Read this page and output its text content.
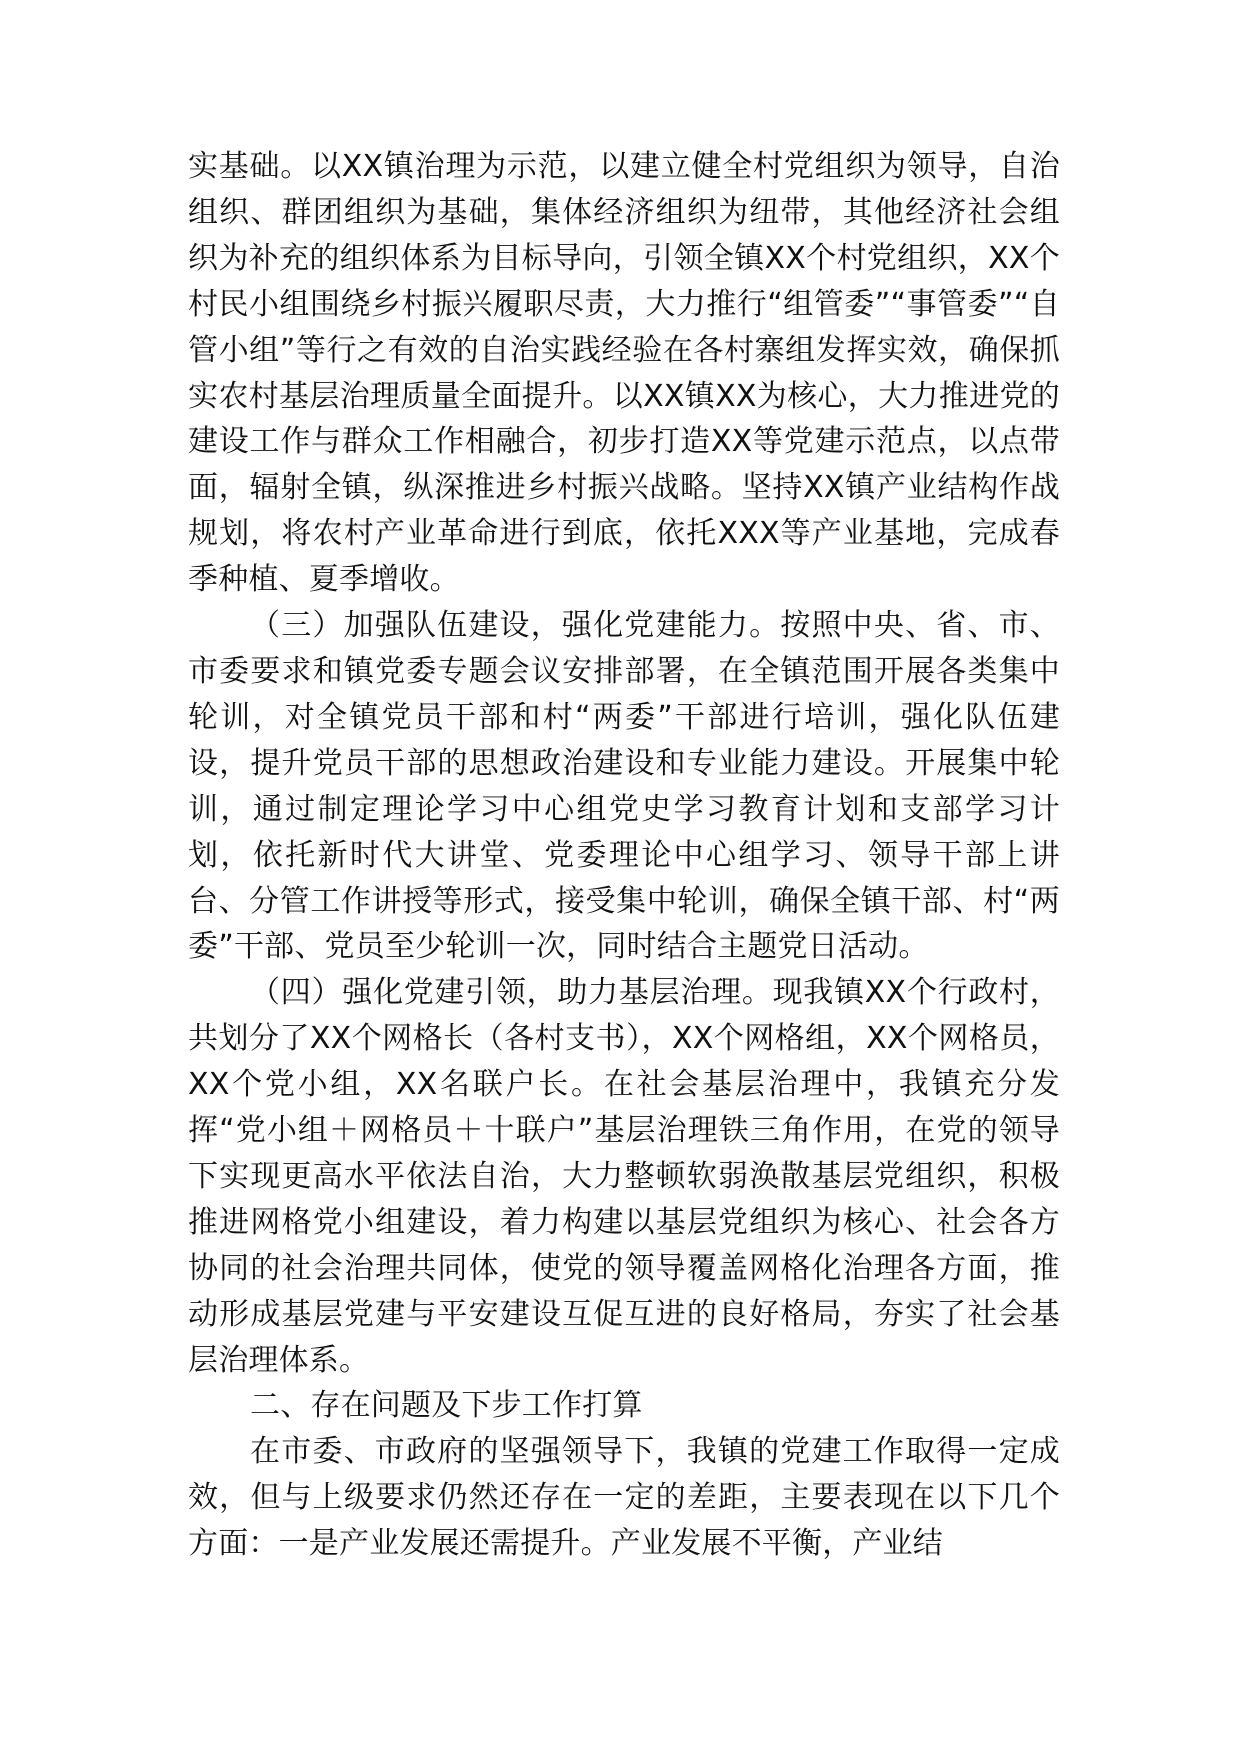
实基础。以XX镇治理为示范，以建立健全村党组织为领导，自治组织、群团组织为基础，集体经济组织为纽带，其他经济社会组织为补充的组织体系为目标导向，引领全镇XX个村党组织，XX个村民小组围绕乡村振兴履职尽责，大力推行“组管委”“事管委”“自管小组”等行之有效的自治实践经验在各村寨组发挥实效，确保抓实农村基层治理质量全面提升。以XX镇XX为核心，大力推进党的建设工作与群众工作相融合，初步打造XX等党建示范点，以点带面，辐射全镇，纵深推进乡村振兴战略。坚持XX镇产业结构作战规划，将农村产业革命进行到底，依托XXX等产业基地，完成春季种植、夏季增收。

（三）加强队伍建设，强化党建能力。按照中央、省、市、市委要求和镇党委专题会议安排部署，在全镇范围开展各类集中轮训，对全镇党员干部和村“两委”干部进行培训，强化队伍建设，提升党员干部的思想政治建设和专业能力建设。开展集中轮训，通过制定理论学习中心组党史学习教育计划和支部学习计划，依托新时代大讲堂、党委理论中心组学习、领导干部上讲台、分管工作讲授等形式，接受集中轮训，确保全镇干部、村“两委”干部、党员至少轮训一次，同时结合主题党日活动。

（四）强化党建引领，助力基层治理。现我镇XX个行政村，共划分了XX个网格长（各村支书），XX个网格组，XX个网格员，XX个党小组，XX名联户长。在社会基层治理中，我镇充分发挥“党小组＋网格员＋十联户”基层治理铁三角作用，在党的领导下实现更高水平依法自治，大力整顿软弱涣散基层党组织，积极推进网格党小组建设，着力构建以基层党组织为核心、社会各方协同的社会治理共同体，使党的领导覆盖网格化治理各方面，推动形成基层党建与平安建设互促互进的良好格局，夯实了社会基层治理体系。

二、存在问题及下步工作打算

在市委、市政府的坚强领导下，我镇的党建工作取得一定成效，但与上级要求仍然还存在一定的差距，主要表现在以下几个方面：一是产业发展还需提升。产业发展不平衡，产业结
